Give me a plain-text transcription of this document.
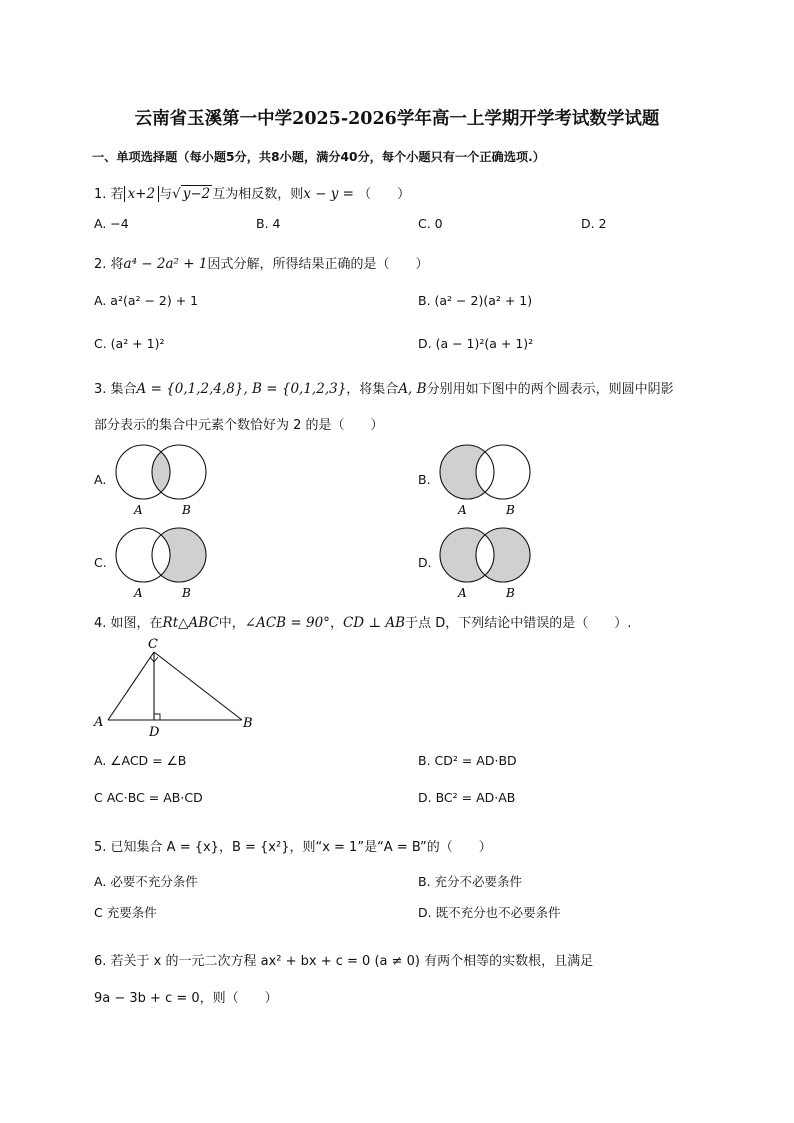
云南省玉溪第一中学2025-2026学年高一上学期开学考试数学试题
一、单项选择题（每小题5分，共8小题，满分40分，每个小题只有一个正确选项.）
1. 若 x+2 与√ y−2 互为相反数，则x − y = （　　）
A. −4	B. 4	C. 0	D. 2
2. 将a⁴ − 2a² + 1因式分解，所得结果正确的是（　　）
A. a²(a² − 2) + 1	B. (a² − 2)(a² + 1)
C. (a² + 1)²	D. (a − 1)²(a + 1)²
3. 集合A = {0,1,2,4,8}, B = {0,1,2,3}，将集合A, B分别用如下图中的两个圆表示，则圆中阴影
部分表示的集合中元素个数恰好为 2 的是（　　）
A.
A	B
B.
A	B
C.
A	B
D.
A	B
4. 如图，在Rt△ABC中，∠ACB = 90°，CD ⊥ AB于点 D，下列结论中错误的是（　　）.
C
A
D
B
A. ∠ACD = ∠B	B. CD² = AD·BD
C AC·BC = AB·CD	D. BC² = AD·AB
5. 已知集合 A = {x}，B = {x²}，则“x = 1”是“A = B”的（　　）
A. 必要不充分条件	B. 充分不必要条件
C 充要条件	D. 既不充分也不必要条件
6. 若关于 x 的一元二次方程 ax² + bx + c = 0 (a ≠ 0) 有两个相等的实数根，且满足
9a − 3b + c = 0，则（　　）
